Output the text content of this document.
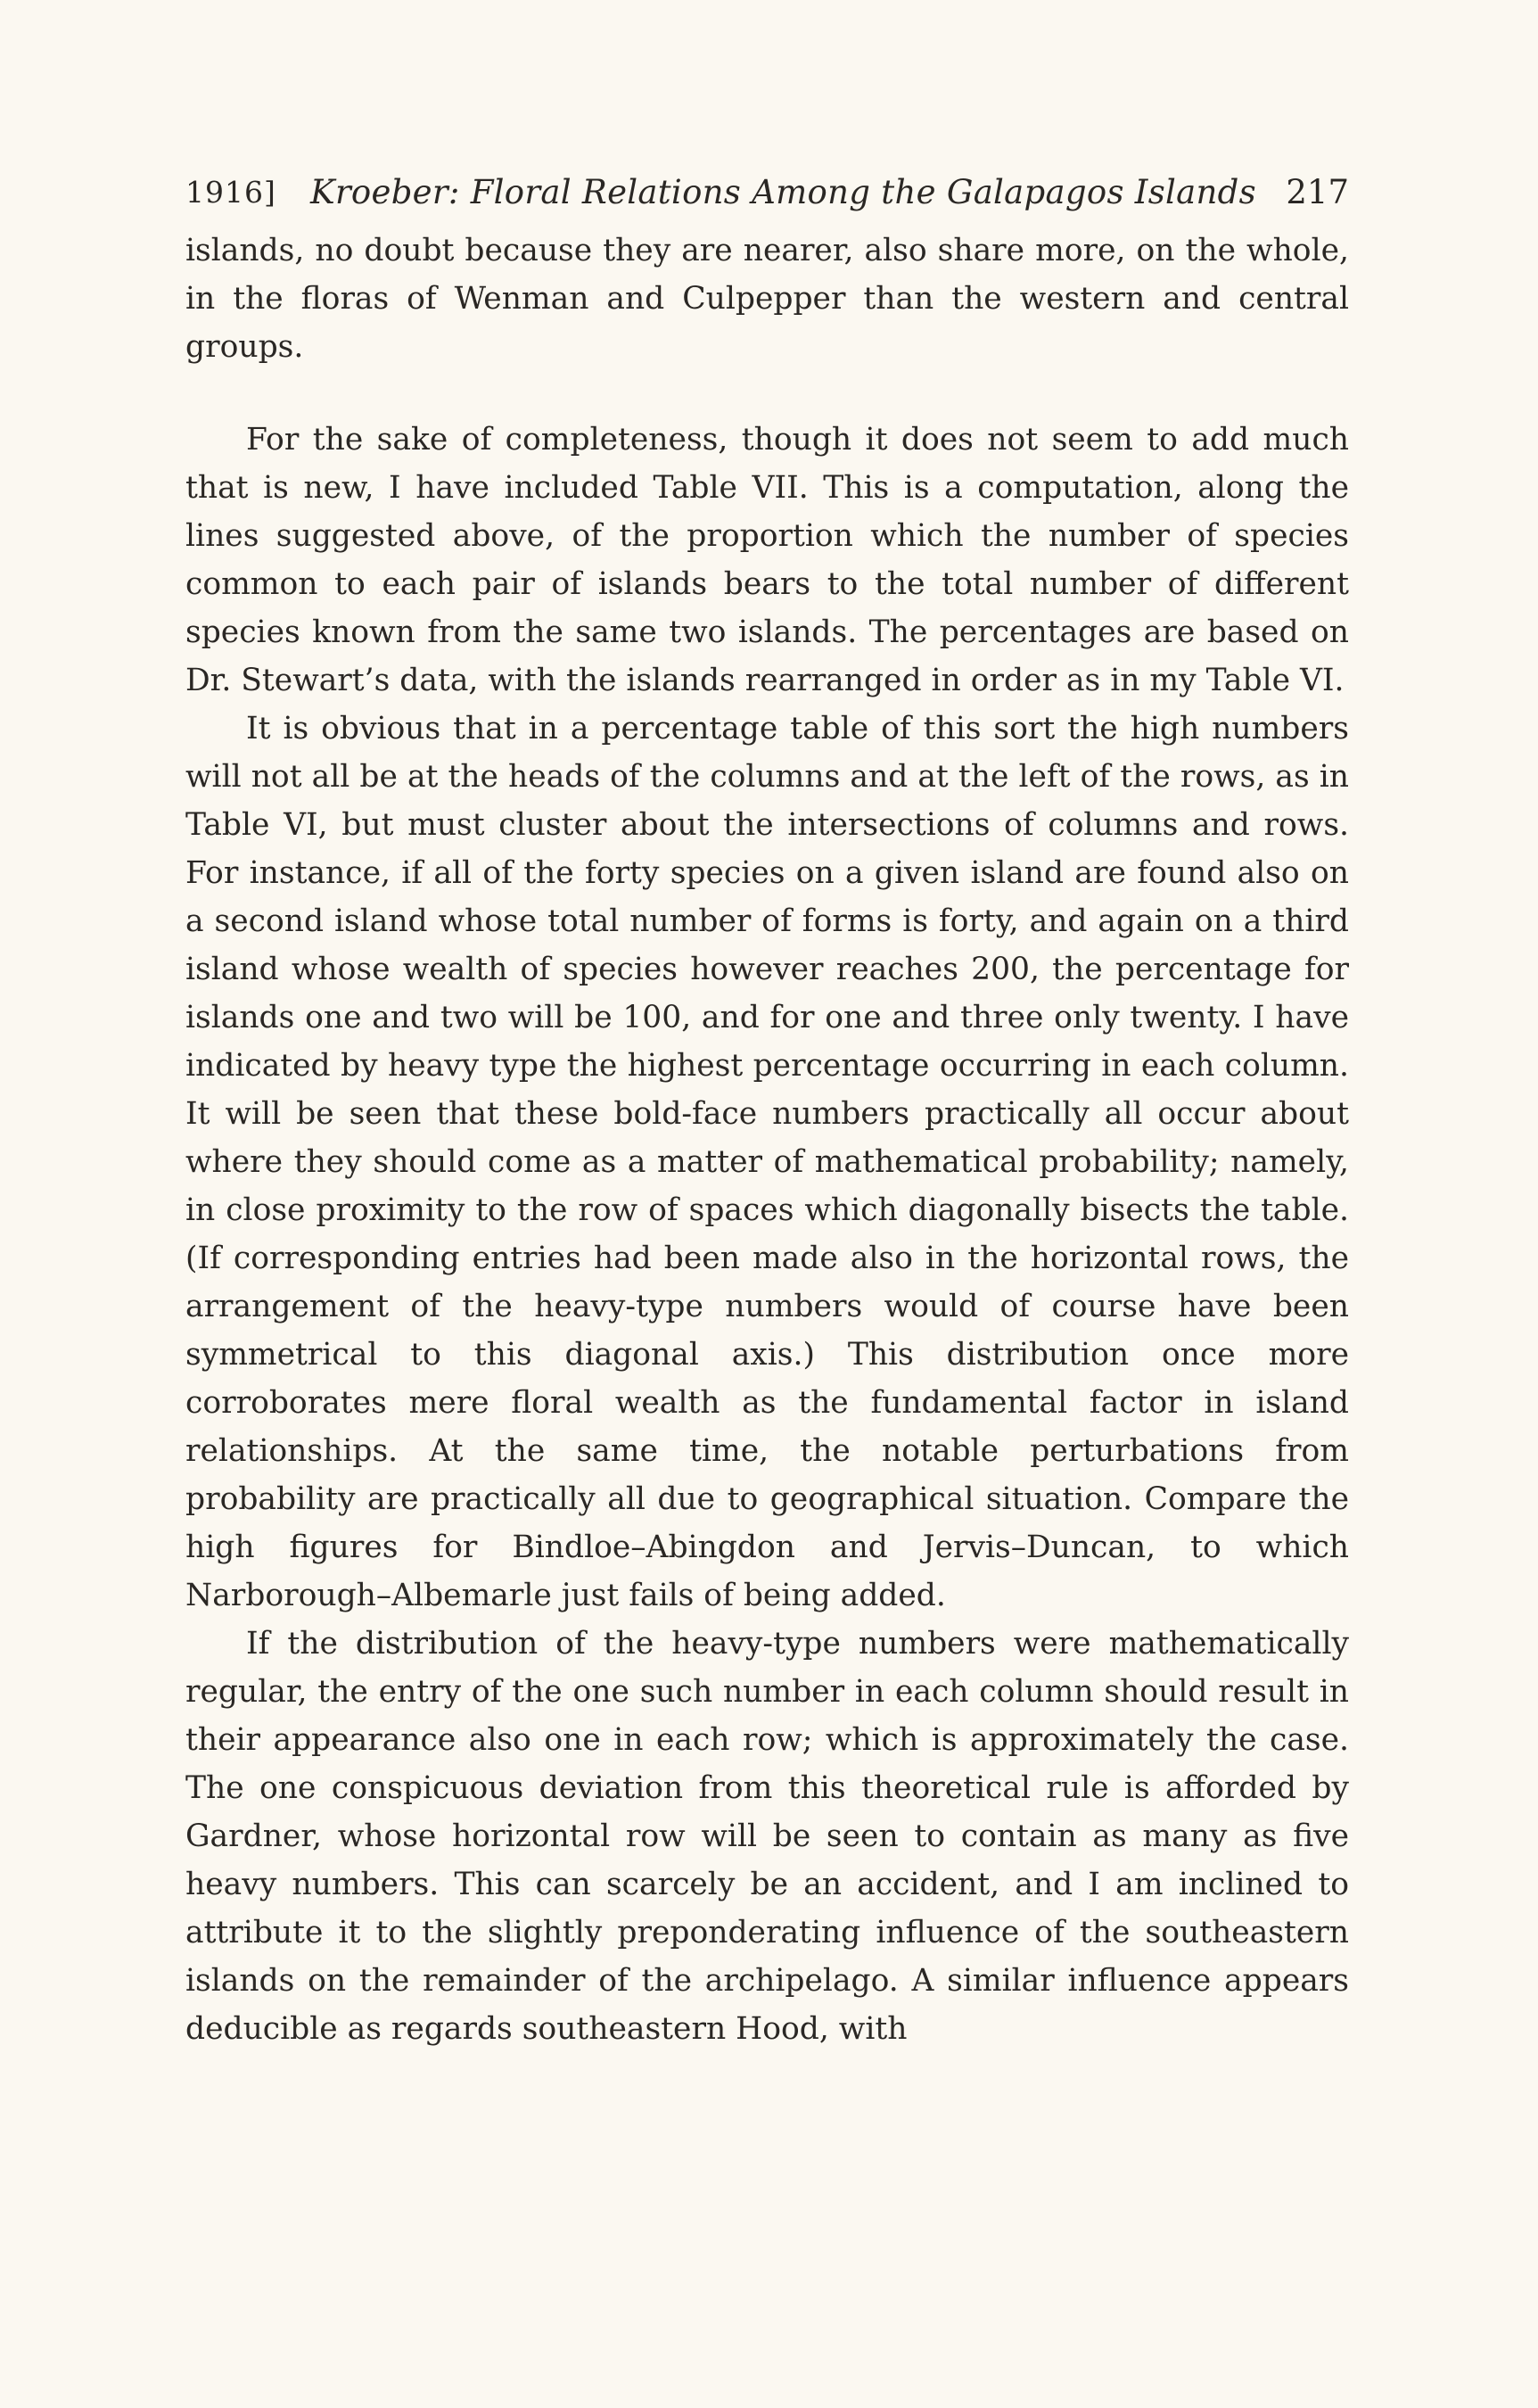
1916] Kroeber: Floral Relations Among the Galapagos Islands 217

islands, no doubt because they are nearer, also share more, on the whole, in the floras of Wenman and Culpepper than the western and central groups.

For the sake of completeness, though it does not seem to add much that is new, I have included Table VII. This is a computation, along the lines suggested above, of the proportion which the number of species common to each pair of islands bears to the total number of different species known from the same two islands. The percentages are based on Dr. Stewart’s data, with the islands rearranged in order as in my Table VI.

It is obvious that in a percentage table of this sort the high numbers will not all be at the heads of the columns and at the left of the rows, as in Table VI, but must cluster about the intersections of columns and rows. For instance, if all of the forty species on a given island are found also on a second island whose total number of forms is forty, and again on a third island whose wealth of species however reaches 200, the percentage for islands one and two will be 100, and for one and three only twenty. I have indicated by heavy type the highest percentage occurring in each column. It will be seen that these bold-face numbers practically all occur about where they should come as a matter of mathematical probability; namely, in close proximity to the row of spaces which diagonally bisects the table. (If corresponding entries had been made also in the horizontal rows, the arrangement of the heavy-type numbers would of course have been symmetrical to this diagonal axis.) This distribution once more corroborates mere floral wealth as the fundamental factor in island relationships. At the same time, the notable perturbations from probability are practically all due to geographical situation. Compare the high figures for Bindloe–Abingdon and Jervis–Duncan, to which Narborough–Albemarle just fails of being added.

If the distribution of the heavy-type numbers were mathematically regular, the entry of the one such number in each column should result in their appearance also one in each row; which is approximately the case. The one conspicuous deviation from this theoretical rule is afforded by Gardner, whose horizontal row will be seen to contain as many as five heavy numbers. This can scarcely be an accident, and I am inclined to attribute it to the slightly preponderating influence of the southeastern islands on the remainder of the archipelago. A similar influence appears deducible as regards southeastern Hood, with
